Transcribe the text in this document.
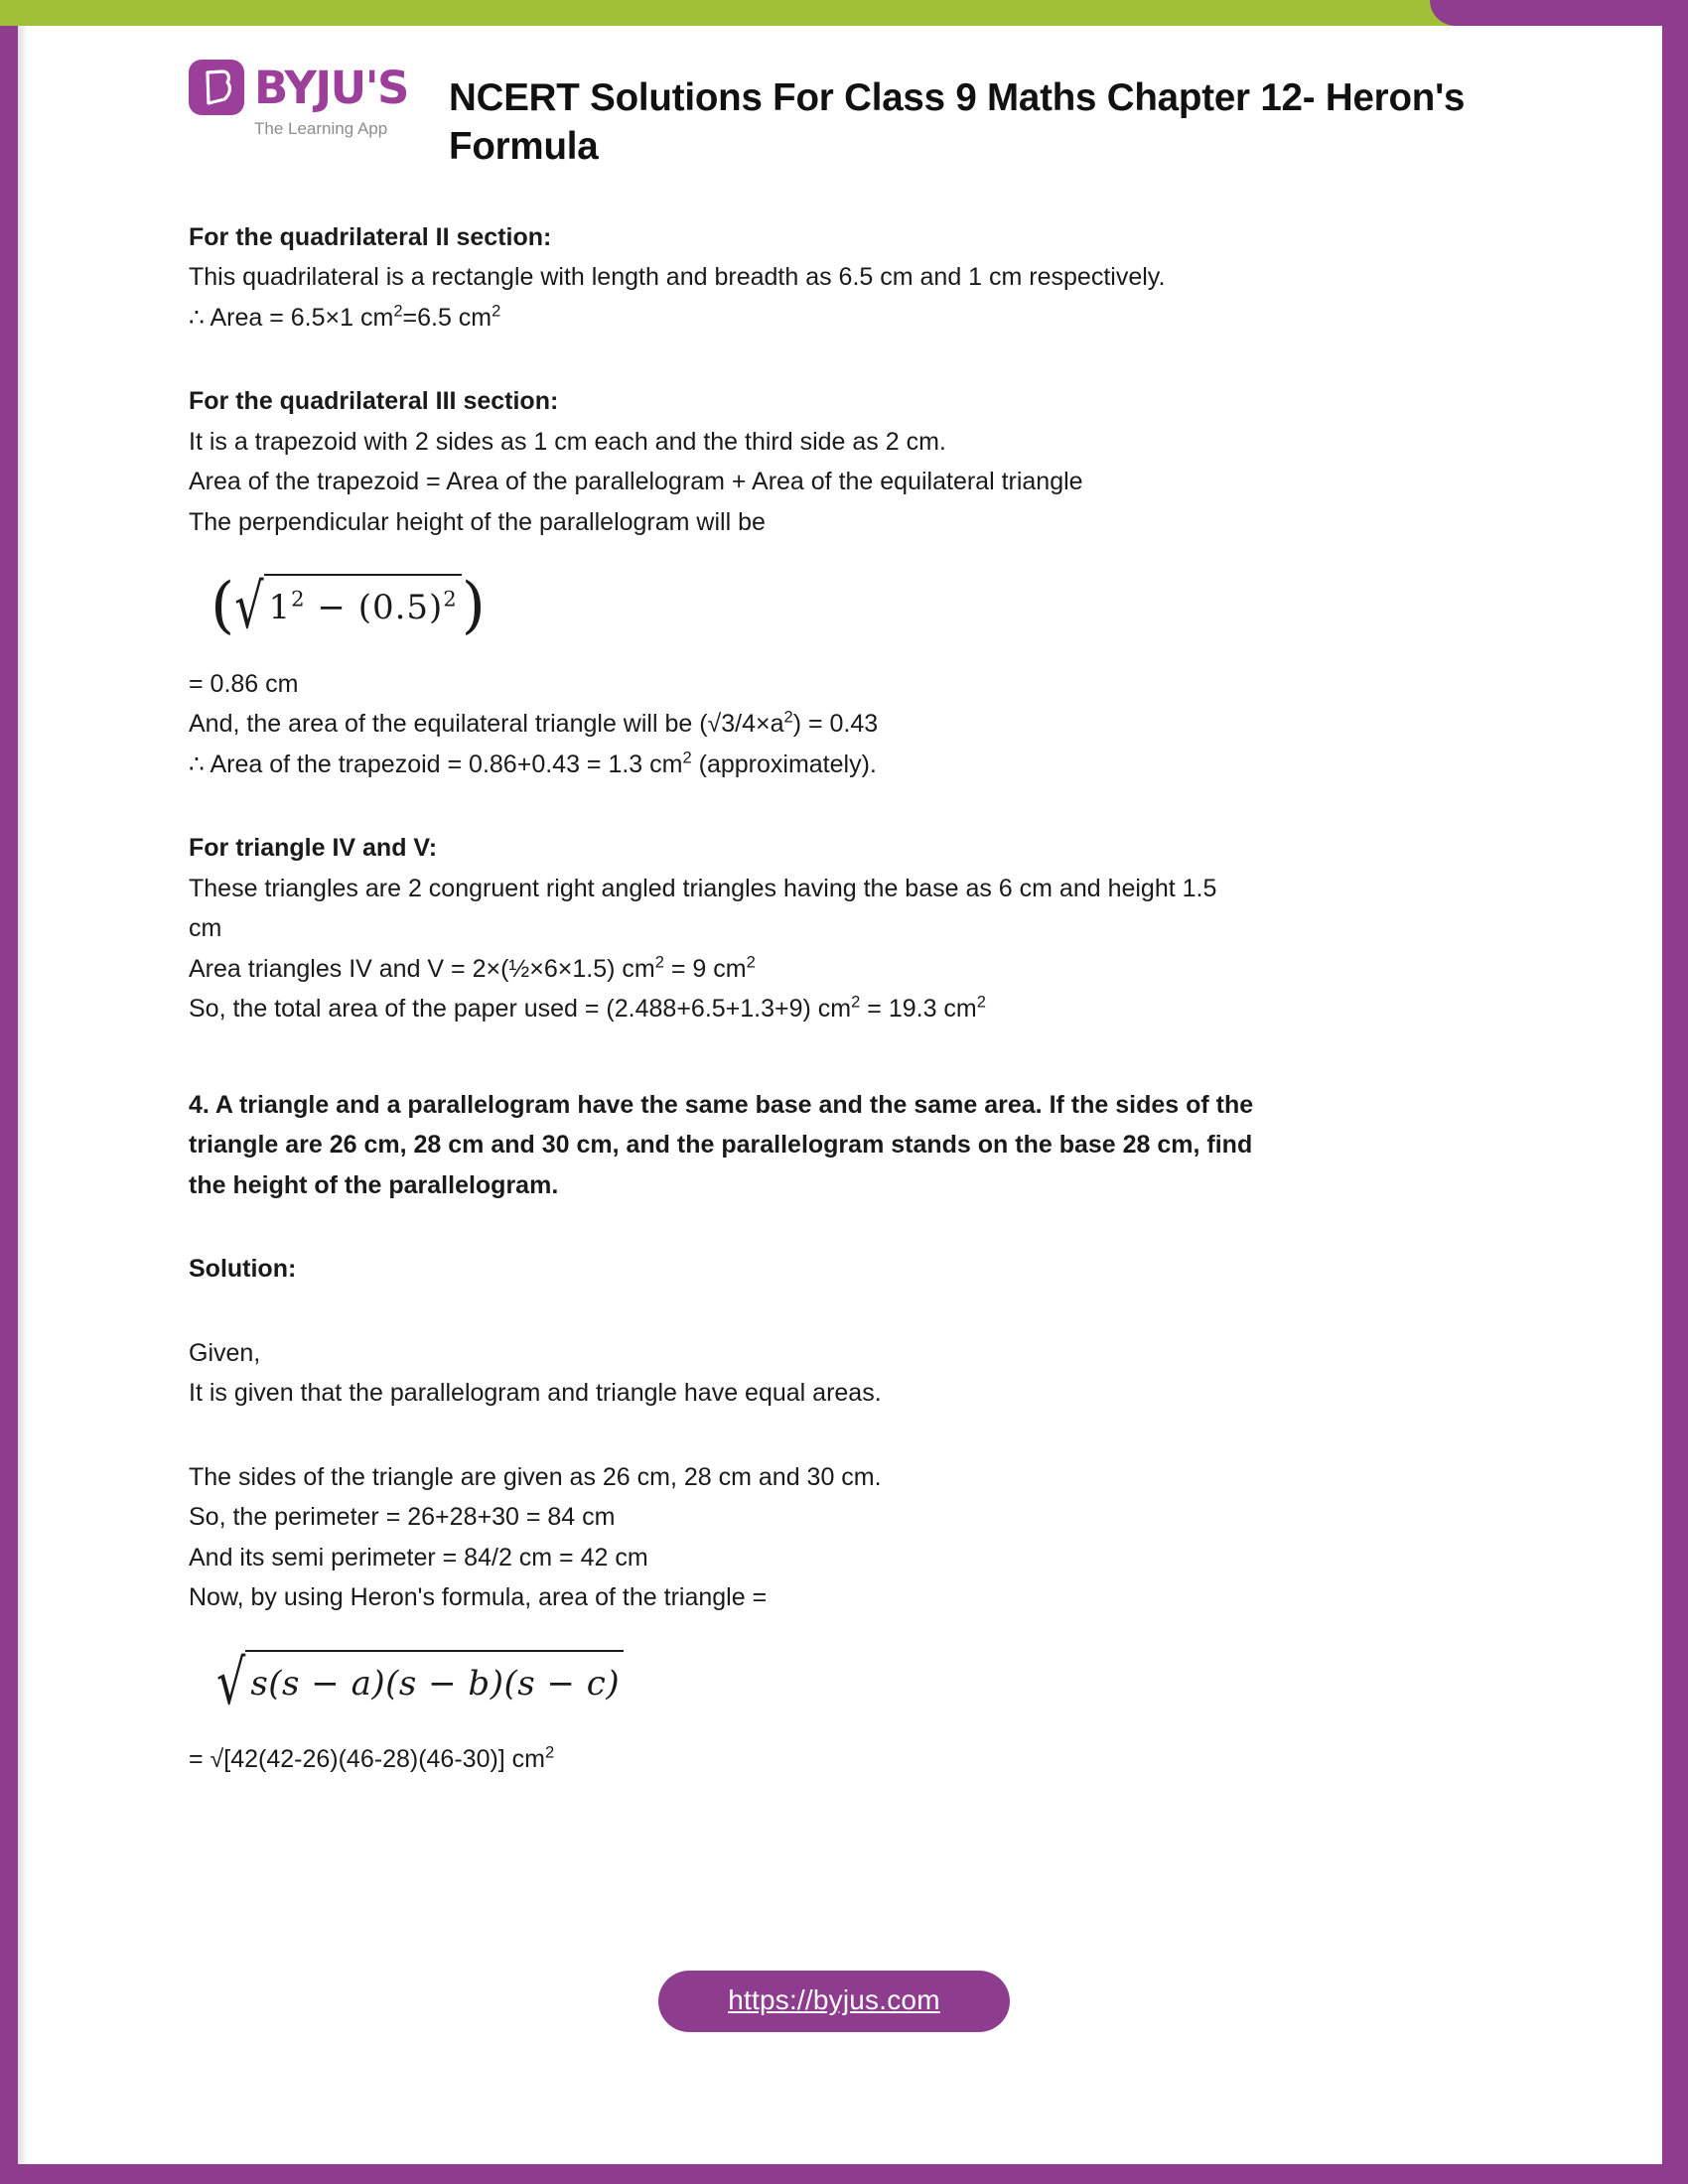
BYJU'S
The Learning App
NCERT Solutions For Class 9 Maths Chapter 12- Heron's Formula
For the quadrilateral II section:
This quadrilateral is a rectangle with length and breadth as 6.5 cm and 1 cm respectively.
∴ Area = 6.5×1 $cm^2=6.5$ $cm^2$
For the quadrilateral III section:
It is a trapezoid with 2 sides as 1 cm each and the third side as 2 cm.
Area of the trapezoid = Area of the parallelogram + Area of the equilateral triangle
The perpendicular height of the parallelogram will be
(√ $1^2 - (0.5)^2$)
= 0.86 cm
And, the area of the equilateral triangle will be $(√3/4\times a^2) = 0.43$
∴ Area of the trapezoid = 0.86+0.43 = 1.3 $cm^2$ (approximately).
For triangle IV and V:
These triangles are 2 congruent right angled triangles having the base as 6 cm and height 1.5
cm
Area triangles IV and V = 2×(½×6×1.5) $cm^2 = 9$ $cm^2$
So, the total area of the paper used = (2.488+6.5+1.3+9) $cm^2 = 19.3$ $cm^2$
4. A triangle and a parallelogram have the same base and the same area. If the sides of the
triangle are 26 cm, 28 cm and 30 cm, and the parallelogram stands on the base 28 cm, find
the height of the parallelogram.
Solution:
Given,
It is given that the parallelogram and triangle have equal areas.
The sides of the triangle are given as 26 cm, 28 cm and 30 cm.
So, the perimeter = 26+28+30 = 84 cm
And its semi perimeter = 84/2 cm = 42 cm
Now, by using Heron's formula, area of the triangle =
√ s(s − a)(s − b)(s − c)
= √[42(42-26)(46-28)(46-30)] $cm^2$
https://byjus.com
